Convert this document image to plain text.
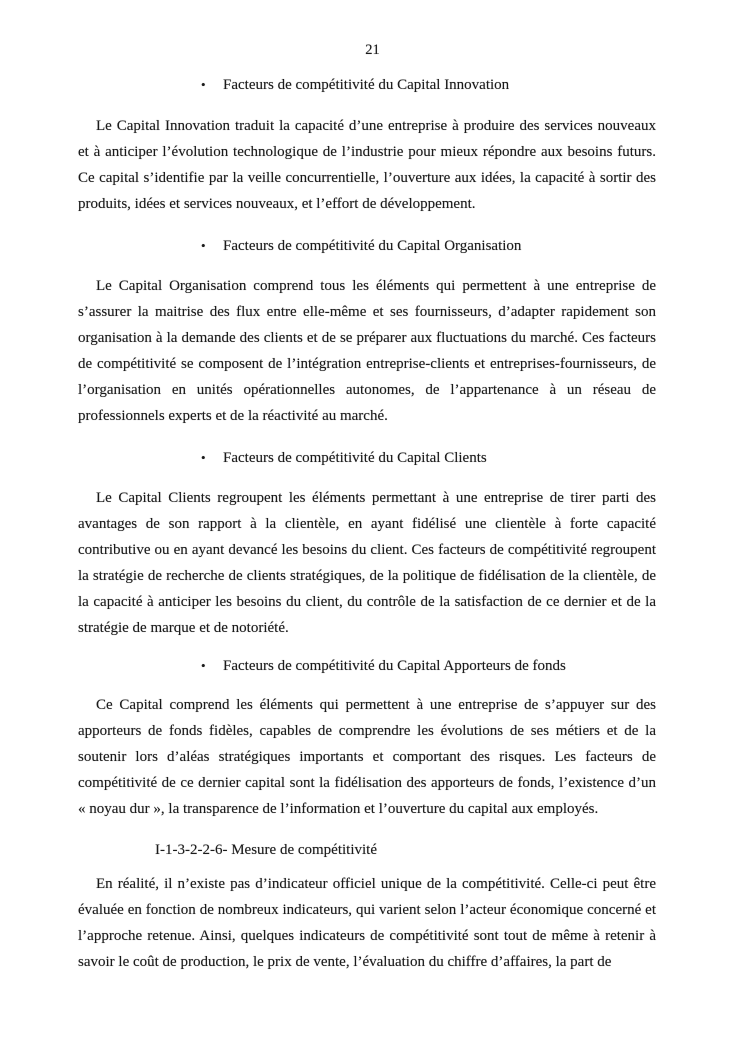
21
•	Facteurs de compétitivité du Capital Innovation

Le Capital Innovation traduit la capacité d’une entreprise à produire des services nouveaux et à anticiper l’évolution technologique de l’industrie pour mieux répondre aux besoins futurs. Ce capital s’identifie par la veille concurrentielle, l’ouverture aux idées, la capacité à sortir des produits, idées et services nouveaux, et l’effort de développement.

•	Facteurs de compétitivité du Capital Organisation

Le Capital Organisation comprend tous les éléments qui permettent à une entreprise de s’assurer la maitrise des flux entre elle-même et ses fournisseurs, d’adapter rapidement son organisation à la demande des clients et de se préparer aux fluctuations du marché. Ces facteurs de compétitivité se composent de l’intégration entreprise-clients et entreprises-fournisseurs, de l’organisation en unités opérationnelles autonomes, de l’appartenance à un réseau de professionnels experts et de la réactivité au marché.

•	Facteurs de compétitivité du Capital Clients

Le Capital Clients regroupent les éléments permettant à une entreprise de tirer parti des avantages de son rapport à la clientèle, en ayant fidélisé une clientèle à forte capacité contributive ou en ayant devancé les besoins du client. Ces facteurs de compétitivité regroupent la stratégie de recherche de clients stratégiques, de la politique de fidélisation de la clientèle, de la capacité à anticiper les besoins du client, du contrôle de la satisfaction de ce dernier et de la stratégie de marque et de notoriété.

•	Facteurs de compétitivité du Capital Apporteurs de fonds

Ce Capital comprend les éléments qui permettent à une entreprise de s’appuyer sur des apporteurs de fonds fidèles, capables de comprendre les évolutions de ses métiers et de la soutenir lors d’aléas stratégiques importants et comportant des risques. Les facteurs de compétitivité de ce dernier capital sont la fidélisation des apporteurs de fonds, l’existence d’un « noyau dur », la transparence de l’information et l’ouverture du capital aux employés.

I-1-3-2-2-6- Mesure de compétitivité

En réalité, il n’existe pas d’indicateur officiel unique de la compétitivité. Celle-ci peut être évaluée en fonction de nombreux indicateurs, qui varient selon l’acteur économique concerné et l’approche retenue. Ainsi, quelques indicateurs de compétitivité sont tout de même à retenir à savoir le coût de production, le prix de vente, l’évaluation du chiffre d’affaires, la part de
